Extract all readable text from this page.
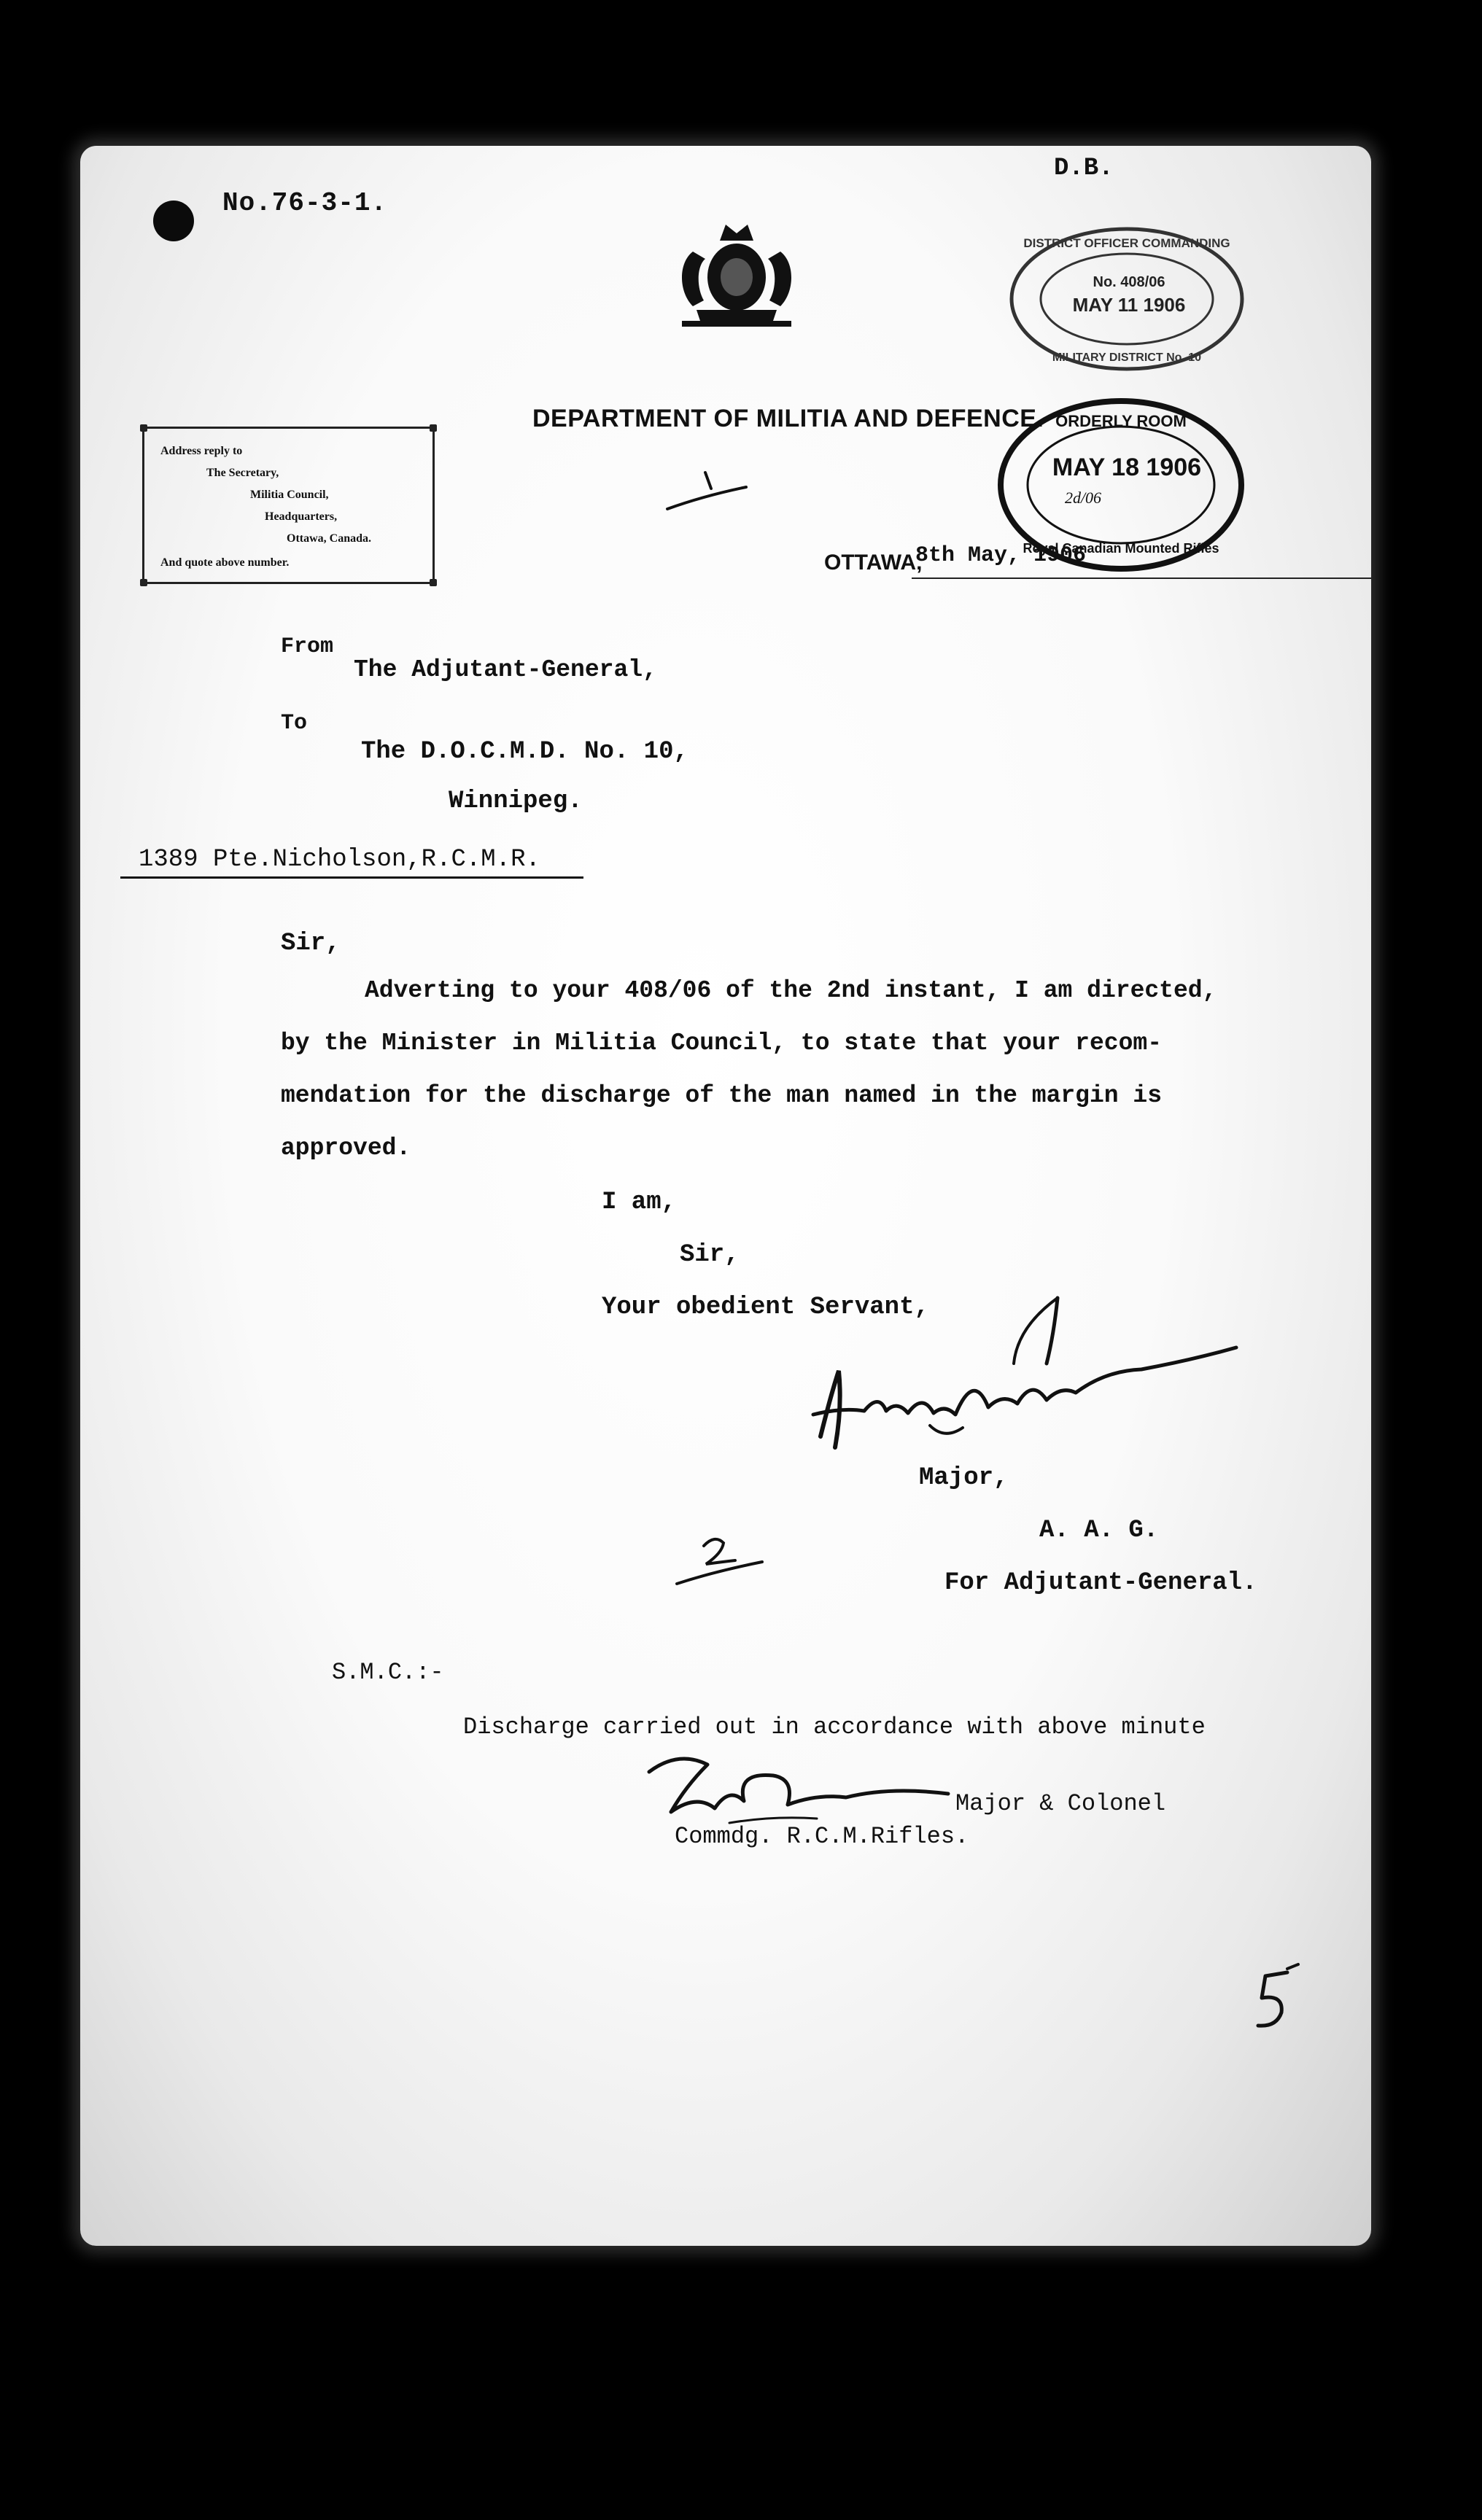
No.76-3-1.
D.B.
DEPARTMENT OF MILITIA AND DEFENCE.
Address reply to
The Secretary,
Militia Council,
Headquarters,
Ottawa, Canada.
And quote above number.
DISTRICT OFFICER COMMANDING
No. 408/06
MAY 11 1906
MILITARY DISTRICT No. 10
ORDERLY ROOM
MAY 18 1906
2d/06
Royal Canadian Mounted Rifles
OTTAWA,
8th May, 1906
From
The Adjutant-General,
To
The D.O.C.M.D. No. 10,
Winnipeg.
1389 Pte.Nicholson,R.C.M.R.
Sir,
Adverting to your 408/06 of the 2nd instant, I am directed,
by the Minister in Militia Council, to state that your recom-
mendation for the discharge of the man named in the margin is
approved.
I am,
Sir,
Your obedient Servant,
Major,
A. A. G.
For Adjutant-General.
S.M.C.:-
Discharge carried out in accordance with above minute
Major & Colonel
Commdg. R.C.M.Rifles.
